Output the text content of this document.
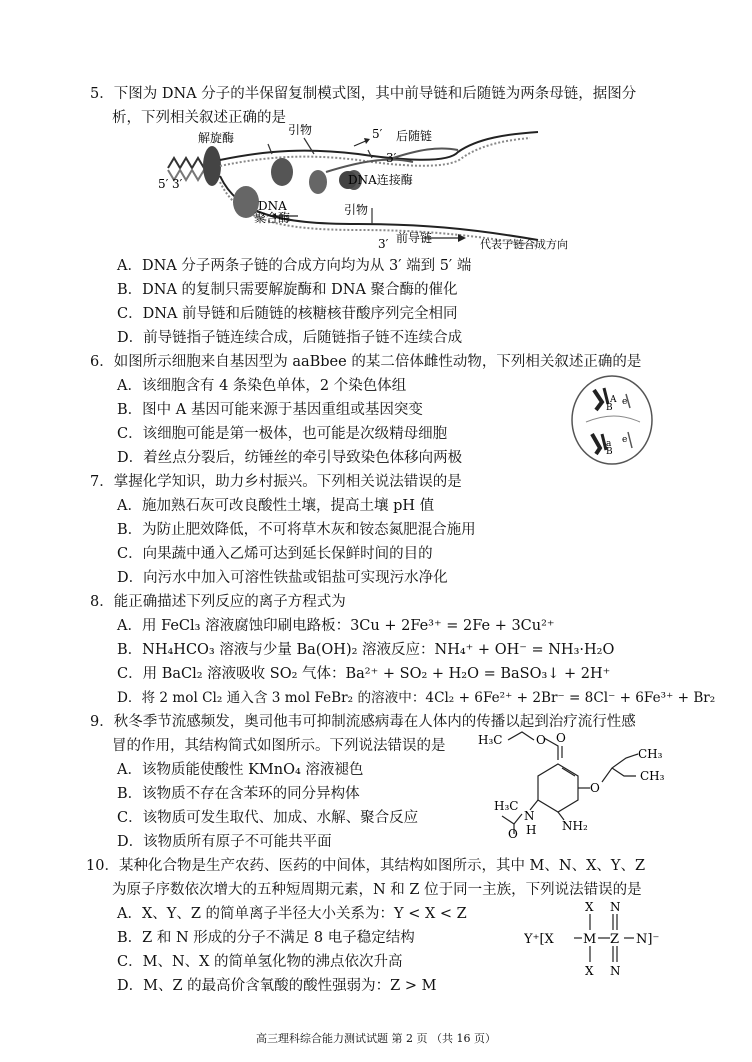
5．下图为 DNA 分子的半保留复制模式图，其中前导链和后随链为两条母链，据图分
析，下列相关叙述正确的是
解旋酶
引物	5′ 后随链
3′
5′ 3′	DNA连接酶
DNA
聚合酶
引物
3′ 前导链	代表子链合成方向
A．DNA 分子两条子链的合成方向均为从 3′ 端到 5′ 端
B．DNA 的复制只需要解旋酶和 DNA 聚合酶的催化
C．DNA 前导链和后随链的核糖核苷酸序列完全相同
D．前导链指子链连续合成，后随链指子链不连续合成
6．如图所示细胞来自基因型为 aaBbee 的某二倍体雌性动物，下列相关叙述正确的是
A．该细胞含有 4 条染色单体，2 个染色体组
B．图中 A 基因可能来源于基因重组或基因突变
C．该细胞可能是第一极体，也可能是次级精母细胞
D．着丝点分裂后，纺锤丝的牵引导致染色体移向两极
A
B
a
B
e
e
7．掌握化学知识，助力乡村振兴。下列相关说法错误的是
A．施加熟石灰可改良酸性土壤，提高土壤 pH 值
B．为防止肥效降低，不可将草木灰和铵态氮肥混合施用
C．向果蔬中通入乙烯可达到延长保鲜时间的目的
D．向污水中加入可溶性铁盐或铝盐可实现污水净化
8．能正确描述下列反应的离子方程式为
A．用 FeCl₃ 溶液腐蚀印刷电路板：3Cu + 2Fe³⁺ = 2Fe + 3Cu²⁺
B．NH₄HCO₃ 溶液与少量 Ba(OH)₂ 溶液反应：NH₄⁺ + OH⁻ = NH₃·H₂O
C．用 BaCl₂ 溶液吸收 SO₂ 气体：Ba²⁺ + SO₂ + H₂O = BaSO₃↓ + 2H⁺
D．将 2 mol Cl₂ 通入含 3 mol FeBr₂ 的溶液中：4Cl₂ + 6Fe²⁺ + 2Br⁻ = 8Cl⁻ + 6Fe³⁺ + Br₂
9．秋冬季节流感频发，奥司他韦可抑制流感病毒在人体内的传播以起到治疗流行性感
冒的作用，其结构简式如图所示。下列说法错误的是
A．该物质能使酸性 KMnO₄ 溶液褪色
B．该物质不存在含苯环的同分异构体
C．该物质可发生取代、加成、水解、聚合反应
D．该物质所有原子不可能共平面
H₃C	O O
CH₃
CH₃
O
H₃C
N
H
O
NH₂
10．某种化合物是生产农药、医药的中间体，其结构如图所示，其中 M、N、X、Y、Z
为原子序数依次增大的五种短周期元素，N 和 Z 位于同一主族，下列说法错误的是
A．X、Y、Z 的简单离子半径大小关系为：Y < X < Z
B．Z 和 N 形成的分子不满足 8 电子稳定结构
C．M、N、X 的简单氢化物的沸点依次升高
D．M、Z 的最高价含氧酸的酸性强弱为：Z > M
Y⁺[X M Z N]⁻
X
X
N
N
高三理科综合能力测试试题 第 2 页 （共 16 页）
